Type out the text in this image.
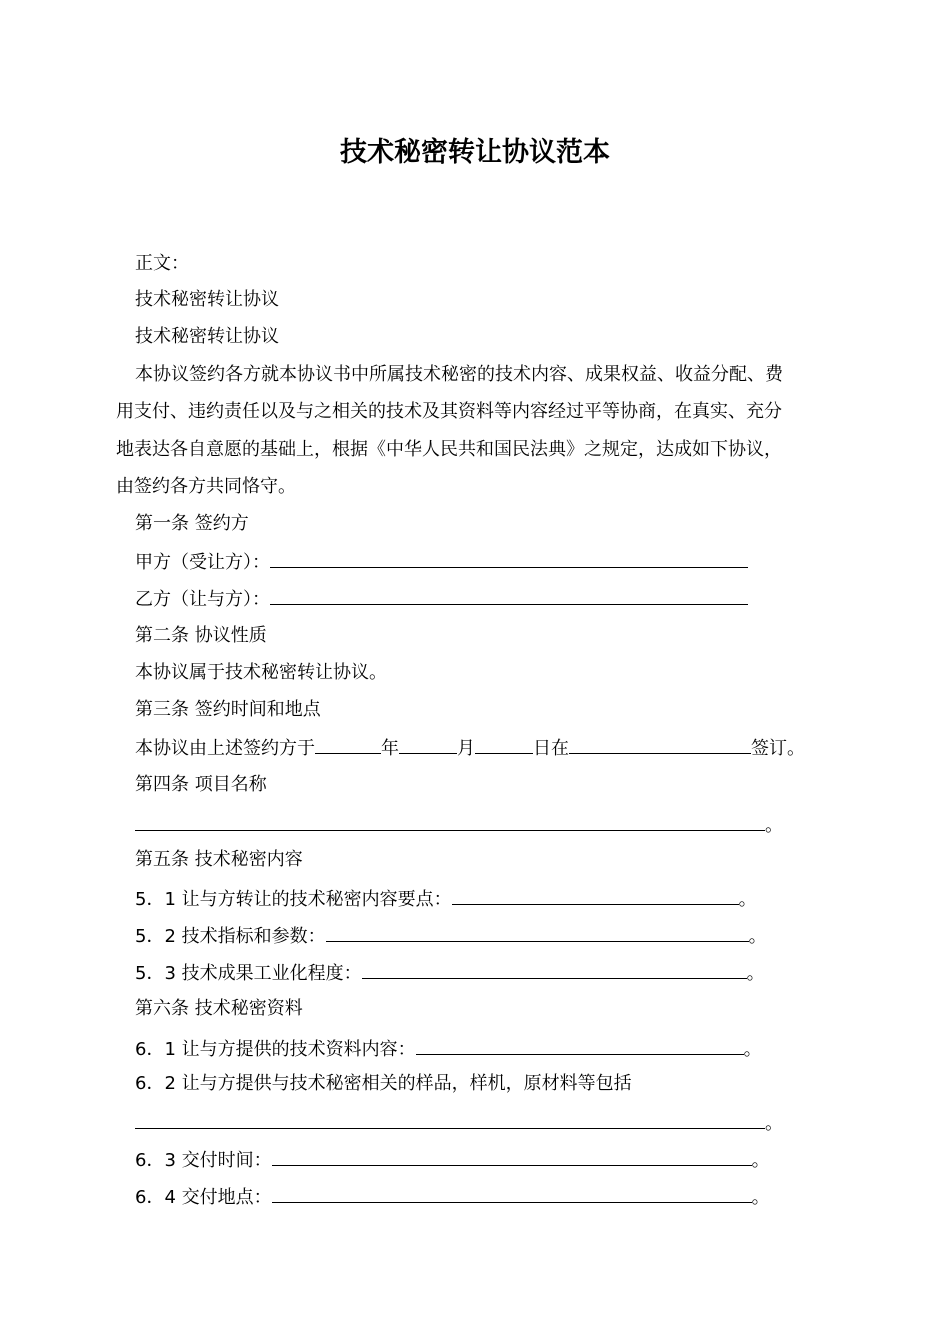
技术秘密转让协议范本
正文：
技术秘密转让协议
技术秘密转让协议
本协议签约各方就本协议书中所属技术秘密的技术内容、成果权益、收益分配、费
用支付、违约责任以及与之相关的技术及其资料等内容经过平等协商，在真实、充分
地表达各自意愿的基础上，根据《中华人民共和国民法典》之规定，达成如下协议，
由签约各方共同恪守。
第一条 签约方
甲方（受让方）：
乙方（让与方）：
第二条 协议性质
本协议属于技术秘密转让协议。
第三条 签约时间和地点
本协议由上述签约方于	年	月	日在	签订。
第四条 项目名称
。
第五条 技术秘密内容
5．1 让与方转让的技术秘密内容要点：	。
5．2 技术指标和参数：	。
5．3 技术成果工业化程度：	。
第六条 技术秘密资料
6．1 让与方提供的技术资料内容：	。
6．2 让与方提供与技术秘密相关的样品，样机，原材料等包括
。
6．3 交付时间：	。
6．4 交付地点：	。
